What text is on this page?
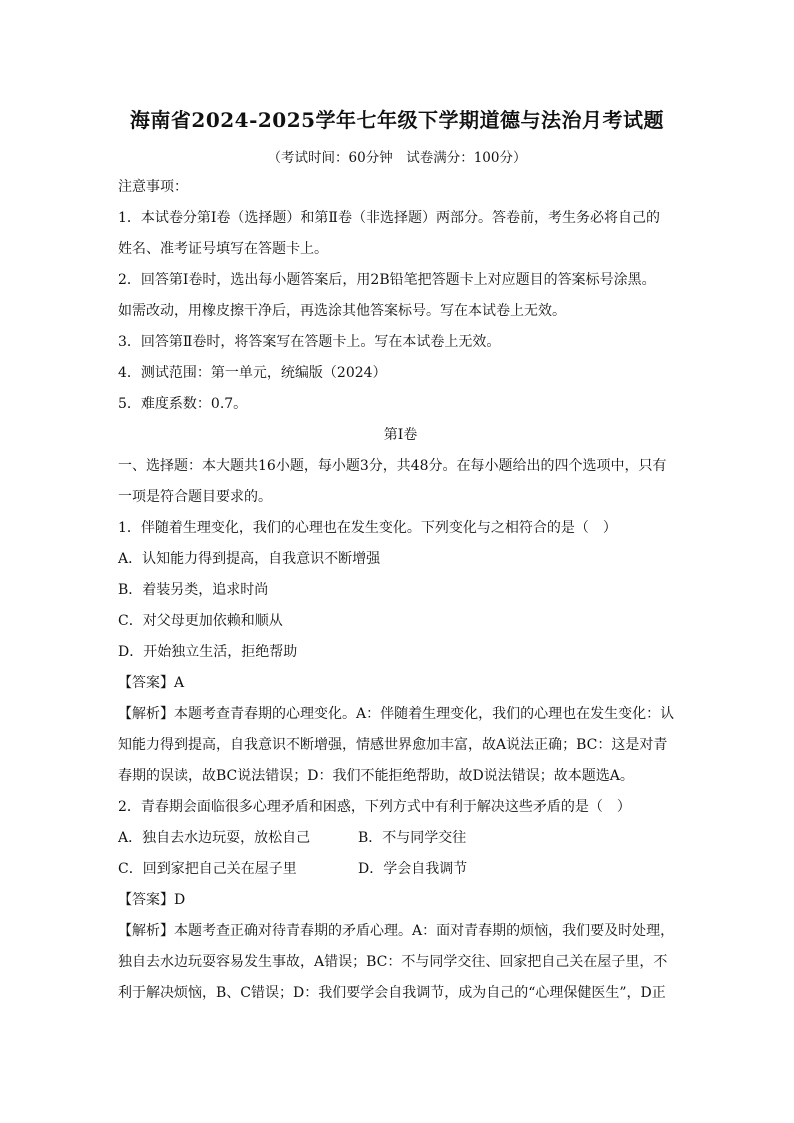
海南省2024-2025学年七年级下学期道德与法治月考试题
（考试时间：60分钟　试卷满分：100分）

注意事项：

1．本试卷分第Ⅰ卷（选择题）和第Ⅱ卷（非选择题）两部分。答卷前，考生务必将自己的

姓名、准考证号填写在答题卡上。

2．回答第Ⅰ卷时，选出每小题答案后，用2B铅笔把答题卡上对应题目的答案标号涂黑。

如需改动，用橡皮擦干净后，再选涂其他答案标号。写在本试卷上无效。

3．回答第Ⅱ卷时，将答案写在答题卡上。写在本试卷上无效。

4．测试范围：第一单元，统编版（2024）

5．难度系数：0.7。

第Ⅰ卷

一、选择题：本大题共16小题，每小题3分，共48分。在每小题给出的四个选项中，只有

一项是符合题目要求的。

1．伴随着生理变化，我们的心理也在发生变化。下列变化与之相符合的是（　）

A．认知能力得到提高，自我意识不断增强

B．着装另类，追求时尚

C．对父母更加依赖和顺从

D．开始独立生活，拒绝帮助

【答案】A

【解析】本题考查青春期的心理变化。A：伴随着生理变化，我们的心理也在发生变化：认

知能力得到提高，自我意识不断增强，情感世界愈加丰富，故A说法正确；BC：这是对青

春期的误读，故BC说法错误；D：我们不能拒绝帮助，故D说法错误；故本题选A。

2．青春期会面临很多心理矛盾和困惑，下列方式中有利于解决这些矛盾的是（　）

A．独自去水边玩耍，放松自己	B．不与同学交往

C．回到家把自己关在屋子里	D．学会自我调节

【答案】D

【解析】本题考查正确对待青春期的矛盾心理。A：面对青春期的烦恼，我们要及时处理，

独自去水边玩耍容易发生事故，A错误；BC：不与同学交往、回家把自己关在屋子里，不

利于解决烦恼，B、C错误；D：我们要学会自我调节，成为自己的“心理保健医生”，D正
